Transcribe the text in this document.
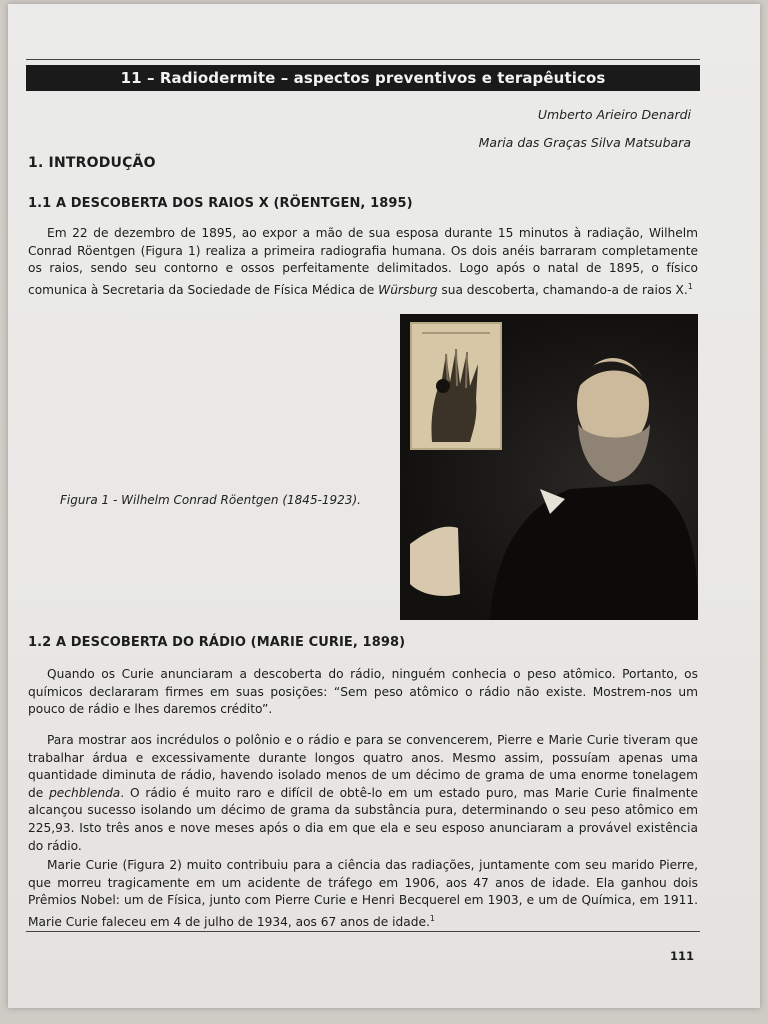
11 – Radiodermite – aspectos preventivos e terapêuticos
Umberto Arieiro Denardi
Maria das Graças Silva Matsubara
1. INTRODUÇÃO
1.1 A DESCOBERTA DOS RAIOS X (RÖENTGEN, 1895)

Em 22 de dezembro de 1895, ao expor a mão de sua esposa durante 15 minutos à radiação, Wilhelm Conrad Röentgen (Figura 1) realiza a primeira radiografia humana. Os dois anéis barraram completamente os raios, sendo seu contorno e ossos perfeitamente delimitados. Logo após o natal de 1895, o físico comunica à Secretaria da Sociedade de Física Médica de Würsburg sua descoberta, chamando-a de raios X.$^1$

Figura 1 - Wilhelm Conrad Röentgen (1845-1923).
1.2 A DESCOBERTA DO RÁDIO (MARIE CURIE, 1898)

Quando os Curie anunciaram a descoberta do rádio, ninguém conhecia o peso atômico. Portanto, os químicos declararam firmes em suas posições: “Sem peso atômico o rádio não existe. Mostrem-nos um pouco de rádio e lhes daremos crédito”.

Para mostrar aos incrédulos o polônio e o rádio e para se convencerem, Pierre e Marie Curie tiveram que trabalhar árdua e excessivamente durante longos quatro anos. Mesmo assim, possuíam apenas uma quantidade diminuta de rádio, havendo isolado menos de um décimo de grama de uma enorme tonelagem de pechblenda. O rádio é muito raro e difícil de obtê-lo em um estado puro, mas Marie Curie finalmente alcançou sucesso isolando um décimo de grama da substância pura, determinando o seu peso atômico em 225,93. Isto três anos e nove meses após o dia em que ela e seu esposo anunciaram a provável existência do rádio.

Marie Curie (Figura 2) muito contribuiu para a ciência das radiações, juntamente com seu marido Pierre, que morreu tragicamente em um acidente de tráfego em 1906, aos 47 anos de idade. Ela ganhou dois Prêmios Nobel: um de Física, junto com Pierre Curie e Henri Becquerel em 1903, e um de Química, em 1911. Marie Curie faleceu em 4 de julho de 1934, aos 67 anos de idade.$^1$

111
